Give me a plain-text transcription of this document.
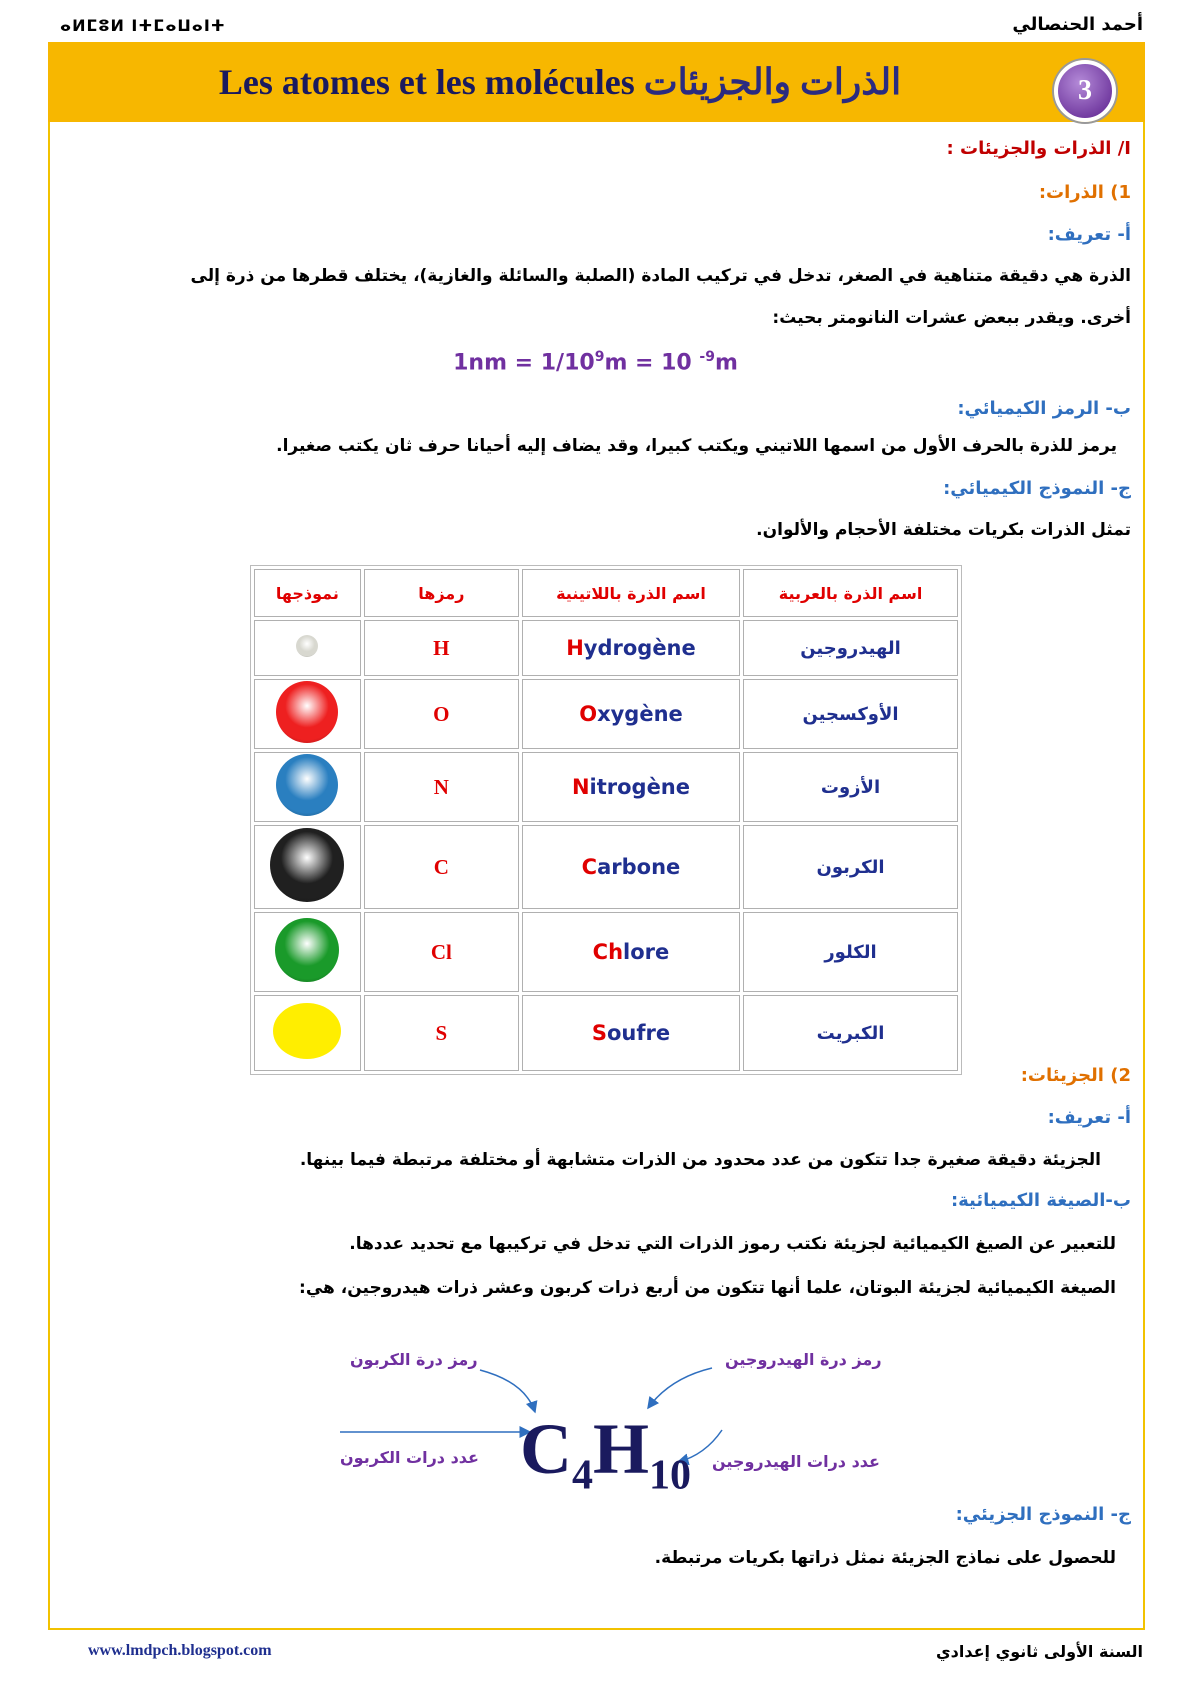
ⴰⵍⵎⵓⵍ ⵏⵜⵎⴰⵡⴰⵏⵜ	أحمد الحنصالي
Les atomes et les molécules الذرات والجزيئات	3
I/ الذرات والجزيئات :
1) الذرات:
أ- تعريف:
الذرة هي دقيقة متناهية في الصغر، تدخل في تركيب المادة (الصلبة والسائلة والغازية)، يختلف قطرها من ذرة إلى
أخرى. ويقدر ببعض عشرات النانومتر بحيث:
$1nm = 1/10^9m = 10$ $^{-9}$m
ب- الرمز الكيميائي:
يرمز للذرة بالحرف الأول من اسمها اللاتيني ويكتب كبيرا، وقد يضاف إليه أحيانا حرف ثان يكتب صغيرا.
ج- النموذج الكيميائي:
تمثل الذرات بكريات مختلفة الأحجام والألوان.
اسم الذرة بالعربية	اسم الذرة باللاتينية	رمزها	نموذجها
الهيدروجين	Hydrogène	H	
الأوكسجين	Oxygène	O	
الأزوت	Nitrogène	N	
الكربون	Carbone	C	
الكلور	Chlore	Cl	
الكبريت	Soufre	S	
2) الجزيئات:
أ- تعريف:
الجزيئة دقيقة صغيرة جدا تتكون من عدد محدود من الذرات متشابهة أو مختلفة مرتبطة فيما بينها.
ب-الصيغة الكيميائية:
للتعبير عن الصيغ الكيميائية لجزيئة نكتب رموز الذرات التي تدخل في تركيبها مع تحديد عددها.
الصيغة الكيميائية لجزيئة البوتان، علما أنها تتكون من أربع ذرات كربون وعشر ذرات هيدروجين، هي:
$C_4H_{10}$
رمز درة الكربون	رمز درة الهيدروجين
عدد درات الكربون	عدد درات الهيدروجين
ج- النموذج الجزيئي:
للحصول على نماذج الجزيئة نمثل ذراتها بكريات مرتبطة.
www.lmdpch.blogspot.com	السنة الأولى ثانوي إعدادي
